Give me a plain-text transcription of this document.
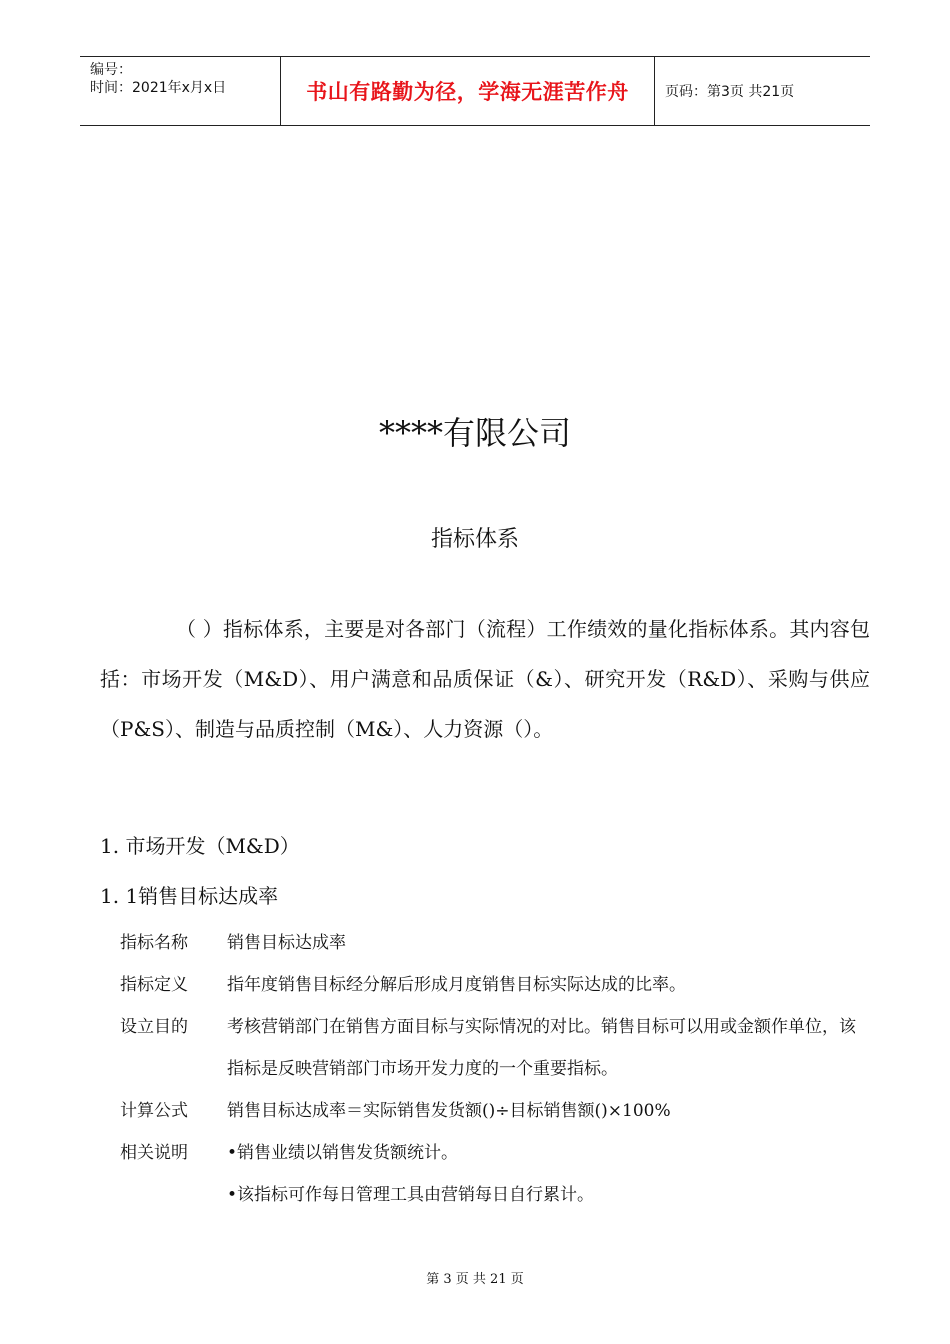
编号：
时间：2021年x月x日	书山有路勤为径，学海无涯苦作舟	页码：第3页 共21页
****有限公司
指标体系
（ ）指标体系，主要是对各部门（流程）工作绩效的量化指标体系。其内容包括：市场开发（M&D）、用户满意和品质保证（&）、研究开发（R&D）、采购与供应（P&S）、制造与品质控制（M&）、人力资源（）。
1. 市场开发（M&D）
1. 1销售目标达成率
指标名称	销售目标达成率
指标定义	指年度销售目标经分解后形成月度销售目标实际达成的比率。
设立目的	考核营销部门在销售方面目标与实际情况的对比。销售目标可以用或金额作单位，该指标是反映营销部门市场开发力度的一个重要指标。
计算公式	销售目标达成率＝实际销售发货额()÷目标销售额()×100%
相关说明	•销售业绩以销售发货额统计。
•该指标可作每日管理工具由营销每日自行累计。
第 3 页 共 21 页
